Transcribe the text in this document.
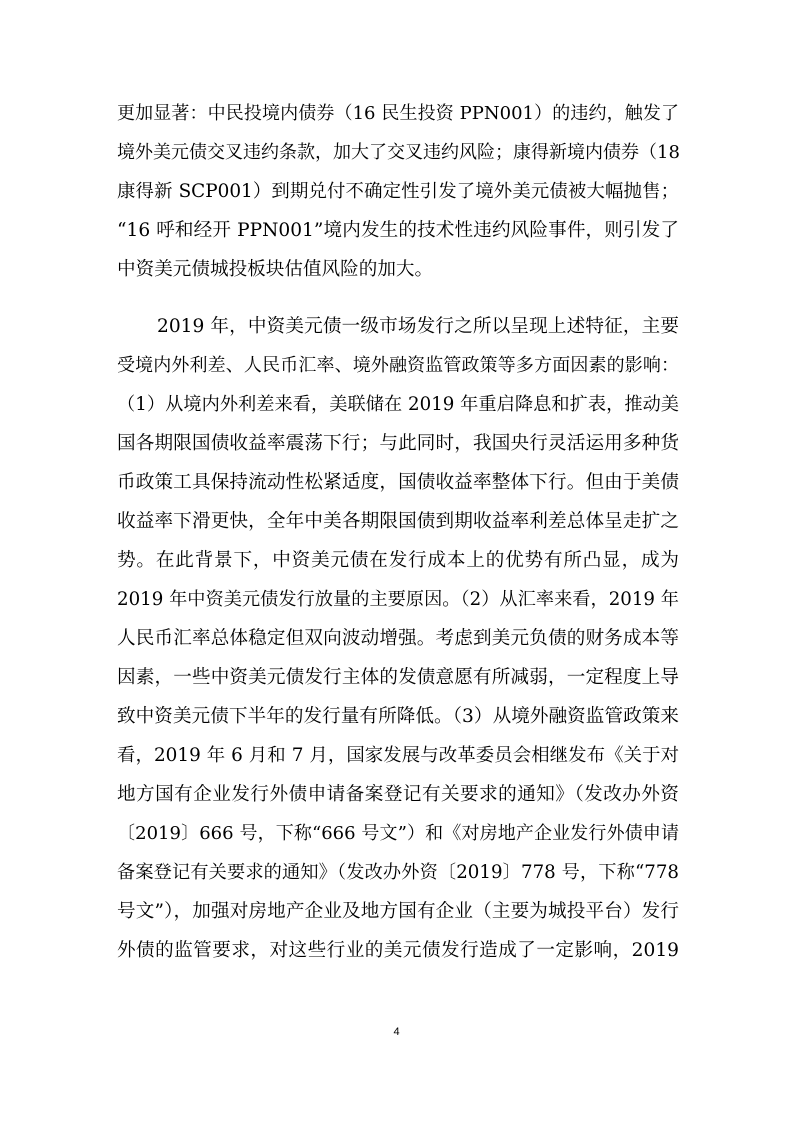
更加显著：中民投境内债券（16 民生投资 PPN001）的违约，触发了
境外美元债交叉违约条款，加大了交叉违约风险；康得新境内债券（18
康得新 SCP001）到期兑付不确定性引发了境外美元债被大幅抛售；
“16 呼和经开 PPN001”境内发生的技术性违约风险事件，则引发了
中资美元债城投板块估值风险的加大。
2019 年，中资美元债一级市场发行之所以呈现上述特征，主要
受境内外利差、人民币汇率、境外融资监管政策等多方面因素的影响：
（1）从境内外利差来看，美联储在 2019 年重启降息和扩表，推动美
国各期限国债收益率震荡下行；与此同时，我国央行灵活运用多种货
币政策工具保持流动性松紧适度，国债收益率整体下行。但由于美债
收益率下滑更快，全年中美各期限国债到期收益率利差总体呈走扩之
势。在此背景下，中资美元债在发行成本上的优势有所凸显，成为
2019 年中资美元债发行放量的主要原因。（2）从汇率来看，2019 年
人民币汇率总体稳定但双向波动增强。考虑到美元负债的财务成本等
因素，一些中资美元债发行主体的发债意愿有所减弱，一定程度上导
致中资美元债下半年的发行量有所降低。（3）从境外融资监管政策来
看，2019 年 6 月和 7 月，国家发展与改革委员会相继发布《关于对
地方国有企业发行外债申请备案登记有关要求的通知》（发改办外资
〔2019〕666 号，下称“666 号文”）和《对房地产企业发行外债申请
备案登记有关要求的通知》（发改办外资〔2019〕778 号，下称“778
号文”），加强对房地产企业及地方国有企业（主要为城投平台）发行
外债的监管要求，对这些行业的美元债发行造成了一定影响，2019
4
